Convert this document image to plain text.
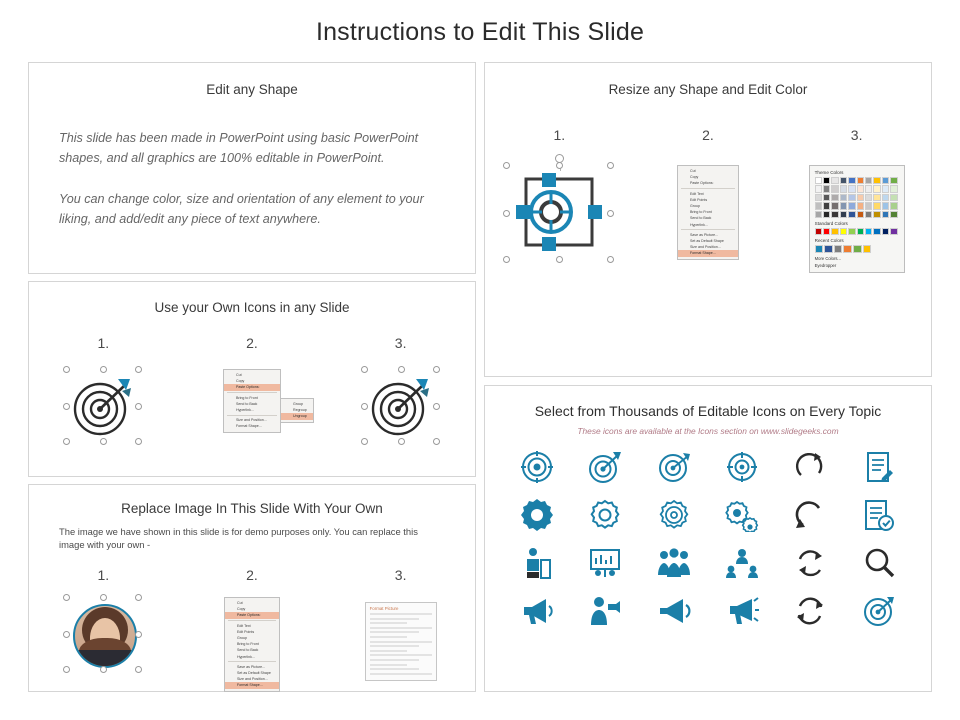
Instructions to Edit This Slide
Edit any Shape
This slide has been made in PowerPoint using basic PowerPoint shapes, and all graphics are 100% editable in PowerPoint.
You can change color, size and orientation of any element to your liking, and add/edit any piece of text anywhere.
Resize any Shape and Edit Color
1.	2.	3.
Cut
Copy
Paste Options:
Edit Text
Edit Points
Group
Bring to Front
Send to Back
Hyperlink...
Save as Picture...
Set as Default Shape
Size and Position...
Format Shape...
Theme Colors
Standard Colors
Recent Colors
More Colors...
Eyedropper
Use your Own Icons in any Slide
1.	2.	3.
Cut
Copy
Paste Options:
Bring to Front
Send to Back
Hyperlink...
Size and Position...
Format Shape...
Group
Regroup
Ungroup
Replace Image In This Slide With Your Own
The image we have shown in this slide is for demo purposes only. You can replace this image with your own -
1.	2.	3.
Cut
Copy
Paste Options:
Edit Text
Edit Points
Group
Bring to Front
Send to Back
Hyperlink...
Save as Picture...
Set as Default Shape
Size and Position...
Format Shape...
Format Picture
Select from Thousands of Editable Icons on Every Topic
These icons are available at the Icons section on www.slidegeeks.com
